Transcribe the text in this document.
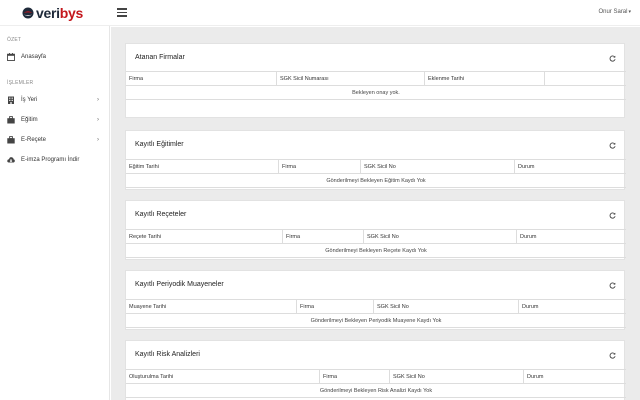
veribys	Onur Saral▾
ÖZET
Anasayfa
İŞLEMLER
İş Yeri	›
Eğitim	›
E-Reçete	›
E-imza Programı İndir
Atanan Firmalar
Firma	SGK Sicil Numarası	Eklenme Tarihi
Bekleyen onay yok.
Kayıtlı Eğitimler
Eğitim Tarihi	Firma	SGK Sicil No	Durum
Gönderilmeyi Bekleyen Eğitim Kaydı Yok
Kayıtlı Reçeteler
Reçete Tarihi	Firma	SGK Sicil No	Durum
Gönderilmeyi Bekleyen Reçete Kaydı Yok
Kayıtlı Periyodik Muayeneler
Muayene Tarihi	Firma	SGK Sicil No	Durum
Gönderilmeyi Bekleyen Periyodik Muayene Kaydı Yok
Kayıtlı Risk Analizleri
Oluşturulma Tarihi	Firma	SGK Sicil No	Durum
Gönderilmeyi Bekleyen Risk Analizi Kaydı Yok
